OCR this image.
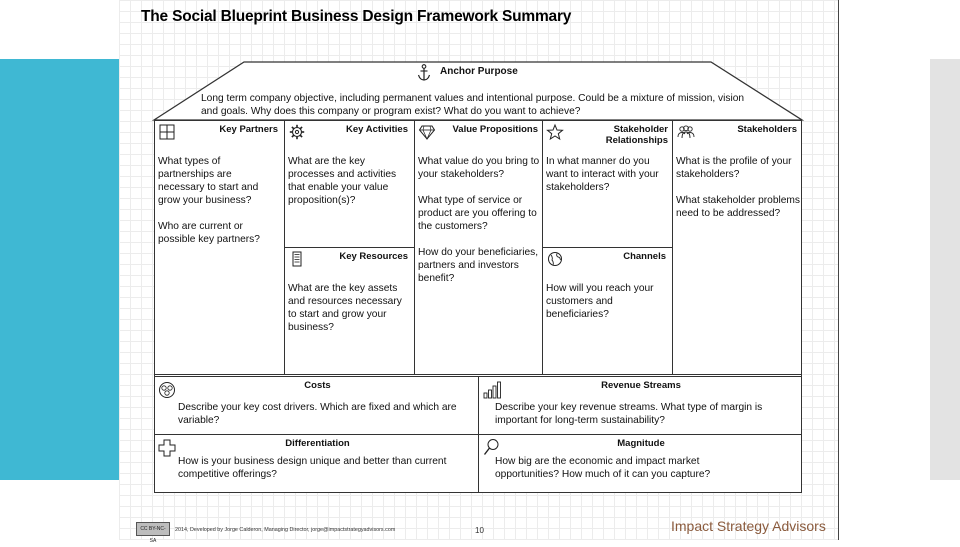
The Social Blueprint Business Design Framework Summary
Anchor Purpose
Long term company objective, including permanent values and intentional purpose. Could be a mixture of mission, vision and goals. Why does this company or program exist? What do you want to achieve?
Key Partners

What types of partnerships are necessary to start and grow your business?

Who are current or possible key partners?

Key Activities

What are the key processes and activities that enable your value proposition(s)?

Key Resources

What are the key assets and resources necessary to start and grow your business?

Value Propositions

What value do you bring to your stakeholders?

What type of service or product are you offering to the customers?

How do your beneficiaries, partners and investors benefit?

Stakeholder
Relationships

In what manner do you want to interact with your stakeholders?

Channels

How will you reach your customers and beneficiaries?

Stakeholders

What is the profile of your stakeholders?

What stakeholder problems need to be addressed?

Costs
Describe your key cost drivers. Which are fixed and which are variable?
Revenue Streams
Describe your key revenue streams. What type of margin is important for long-term sustainability?
Differentiation
How is your business design unique and better than current competitive offerings?
Magnitude
How big are the economic and impact market opportunities? How much of it can you capture?
CC BY-NC-SA
2014, Developed by Jorge Calderon, Managing Director, jorge@impactstrategyadvisors.com	10	Impact Strategy Advisors
